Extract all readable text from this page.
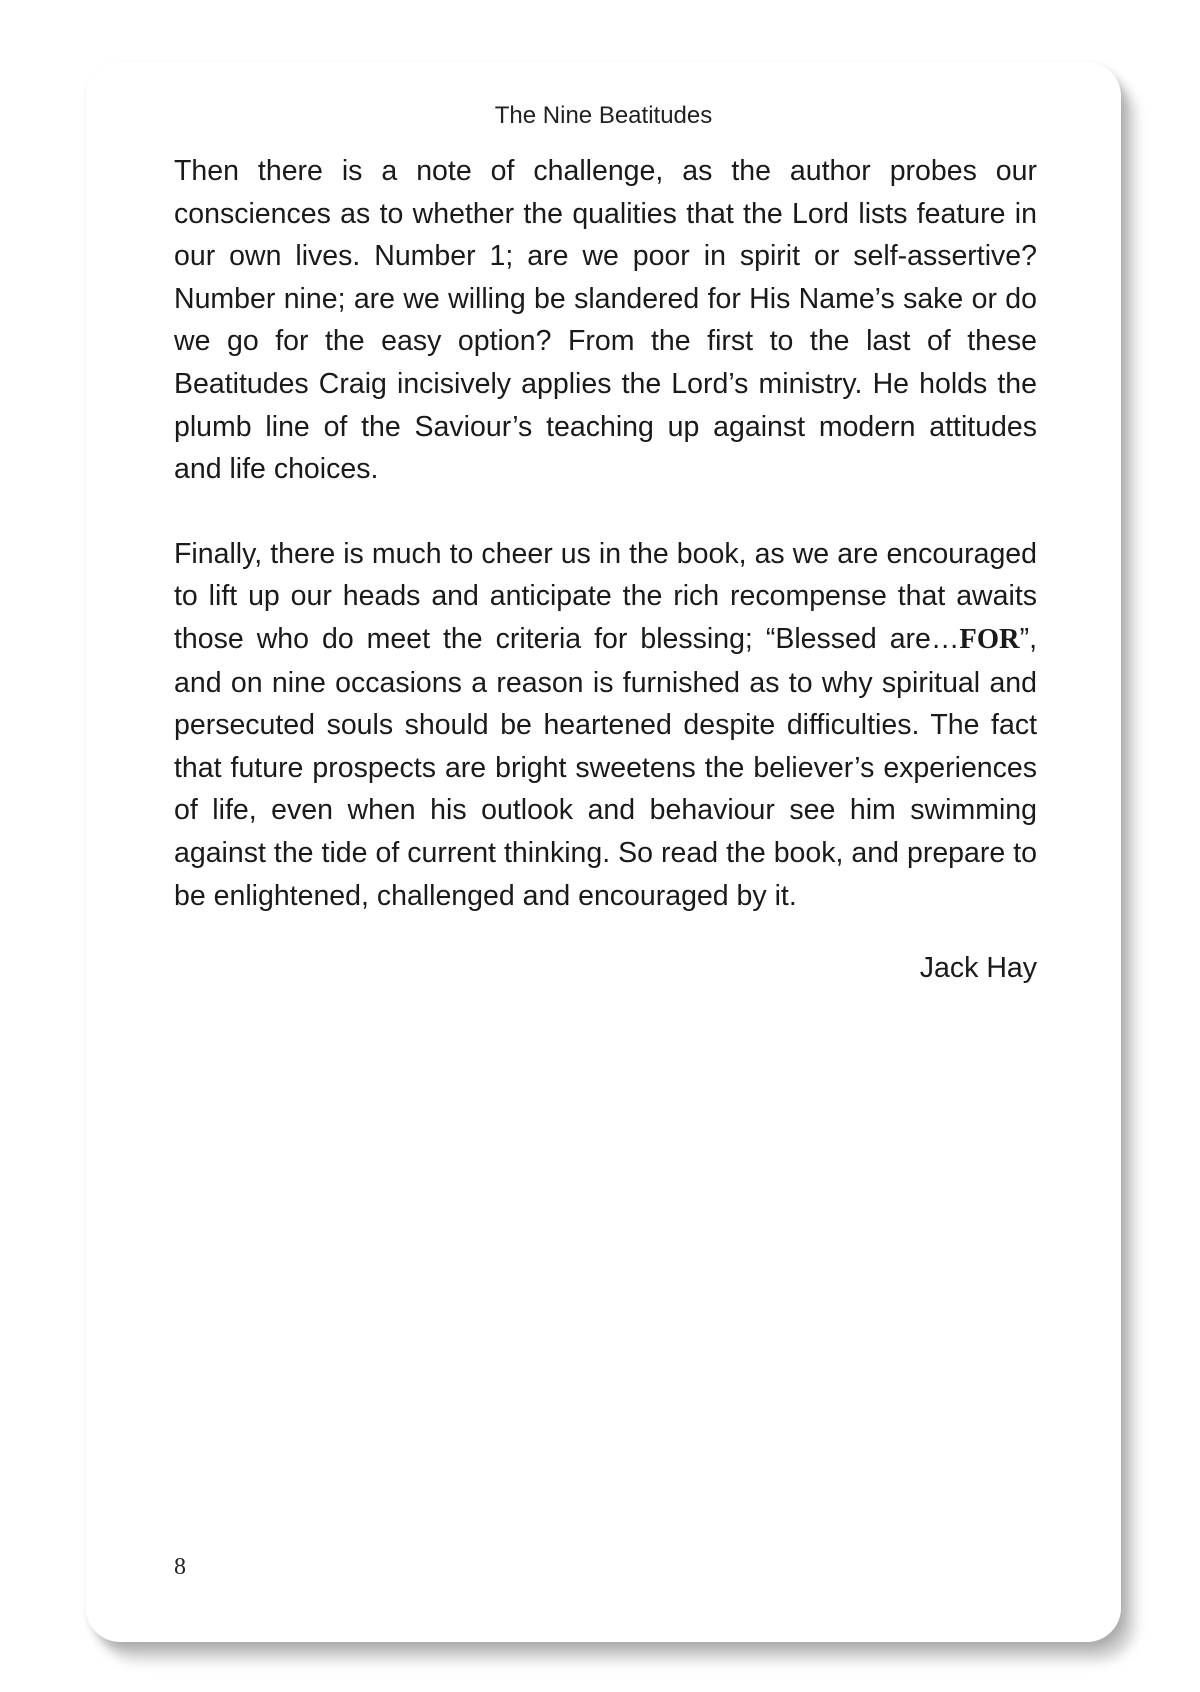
The Nine Beatitudes

Then there is a note of challenge, as the author probes our consciences as to whether the qualities that the Lord lists feature in our own lives. Number 1; are we poor in spirit or self-assertive? Number nine; are we willing be slandered for His Name’s sake or do we go for the easy option? From the first to the last of these Beatitudes Craig incisively applies the Lord’s ministry. He holds the plumb line of the Saviour’s teaching up against modern attitudes and life choices.

Finally, there is much to cheer us in the book, as we are encouraged to lift up our heads and anticipate the rich recompense that awaits those who do meet the criteria for blessing; “Blessed are…FOR”, and on nine occasions a reason is furnished as to why spiritual and persecuted souls should be heartened despite difficulties. The fact that future prospects are bright sweetens the believer’s experiences of life, even when his outlook and behaviour see him swimming against the tide of current thinking. So read the book, and prepare to be enlightened, challenged and encouraged by it.

Jack Hay
8
